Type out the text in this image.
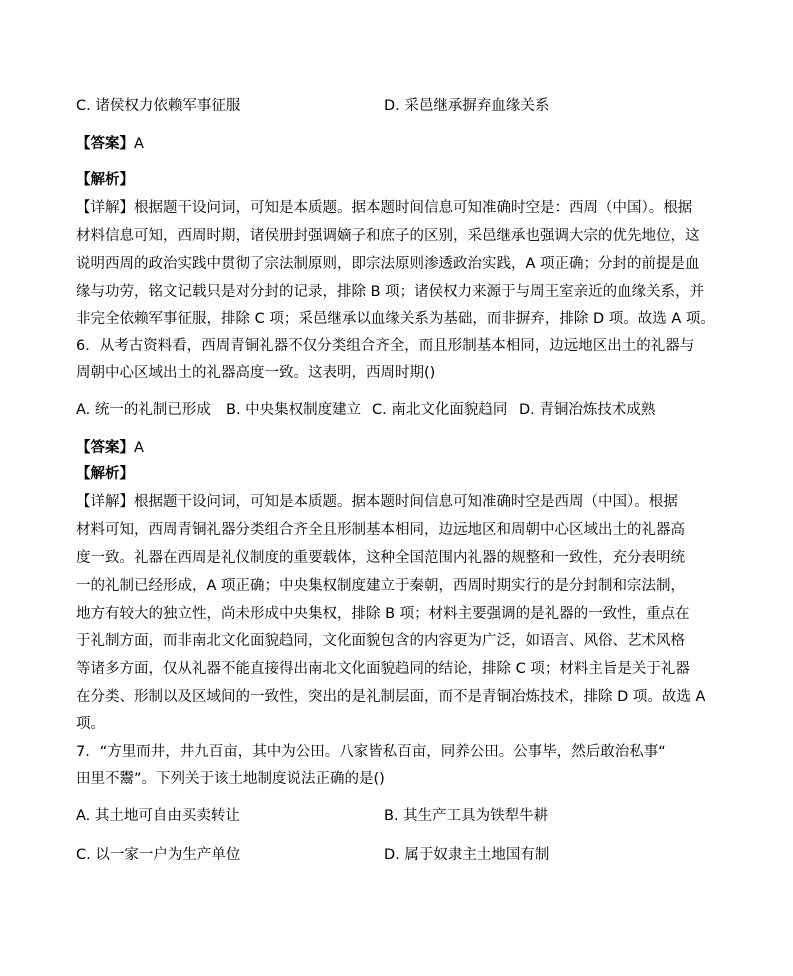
C. 诸侯权力依赖军事征服	D. 采邑继承摒弃血缘关系
【答案】A
【解析】
【详解】根据题干设问词，可知是本质题。据本题时间信息可知准确时空是：西周（中国）。根据
材料信息可知，西周时期，诸侯册封强调嫡子和庶子的区别，采邑继承也强调大宗的优先地位，这
说明西周的政治实践中贯彻了宗法制原则，即宗法原则渗透政治实践，A 项正确；分封的前提是血
缘与功劳，铭文记载只是对分封的记录，排除 B 项；诸侯权力来源于与周王室亲近的血缘关系，并
非完全依赖军事征服，排除 C 项；采邑继承以血缘关系为基础，而非摒弃，排除 D 项。故选 A 项。
6．从考古资料看，西周青铜礼器不仅分类组合齐全，而且形制基本相同，边远地区出土的礼器与
周朝中心区域出土的礼器高度一致。这表明，西周时期()
A. 统一的礼制已形成 B. 中央集权制度建立 C. 南北文化面貌趋同 D. 青铜冶炼技术成熟
【答案】A
【解析】
【详解】根据题干设问词，可知是本质题。据本题时间信息可知准确时空是西周（中国）。根据
材料可知，西周青铜礼器分类组合齐全且形制基本相同，边远地区和周朝中心区域出土的礼器高
度一致。礼器在西周是礼仪制度的重要载体，这种全国范围内礼器的规整和一致性，充分表明统
一的礼制已经形成，A 项正确；中央集权制度建立于秦朝，西周时期实行的是分封制和宗法制，
地方有较大的独立性，尚未形成中央集权，排除 B 项；材料主要强调的是礼器的一致性，重点在
于礼制方面，而非南北文化面貌趋同，文化面貌包含的内容更为广泛，如语言、风俗、艺术风格
等诸多方面，仅从礼器不能直接得出南北文化面貌趋同的结论，排除 C 项；材料主旨是关于礼器
在分类、形制以及区域间的一致性，突出的是礼制层面，而不是青铜冶炼技术，排除 D 项。故选 A
项。
7．“方里而井，井九百亩，其中为公田。八家皆私百亩，同养公田。公事毕，然后敢治私事“
田里不鬻”。下列关于该土地制度说法正确的是()
A. 其土地可自由买卖转让	B. 其生产工具为铁犁牛耕
C. 以一家一户为生产单位	D. 属于奴隶主土地国有制
